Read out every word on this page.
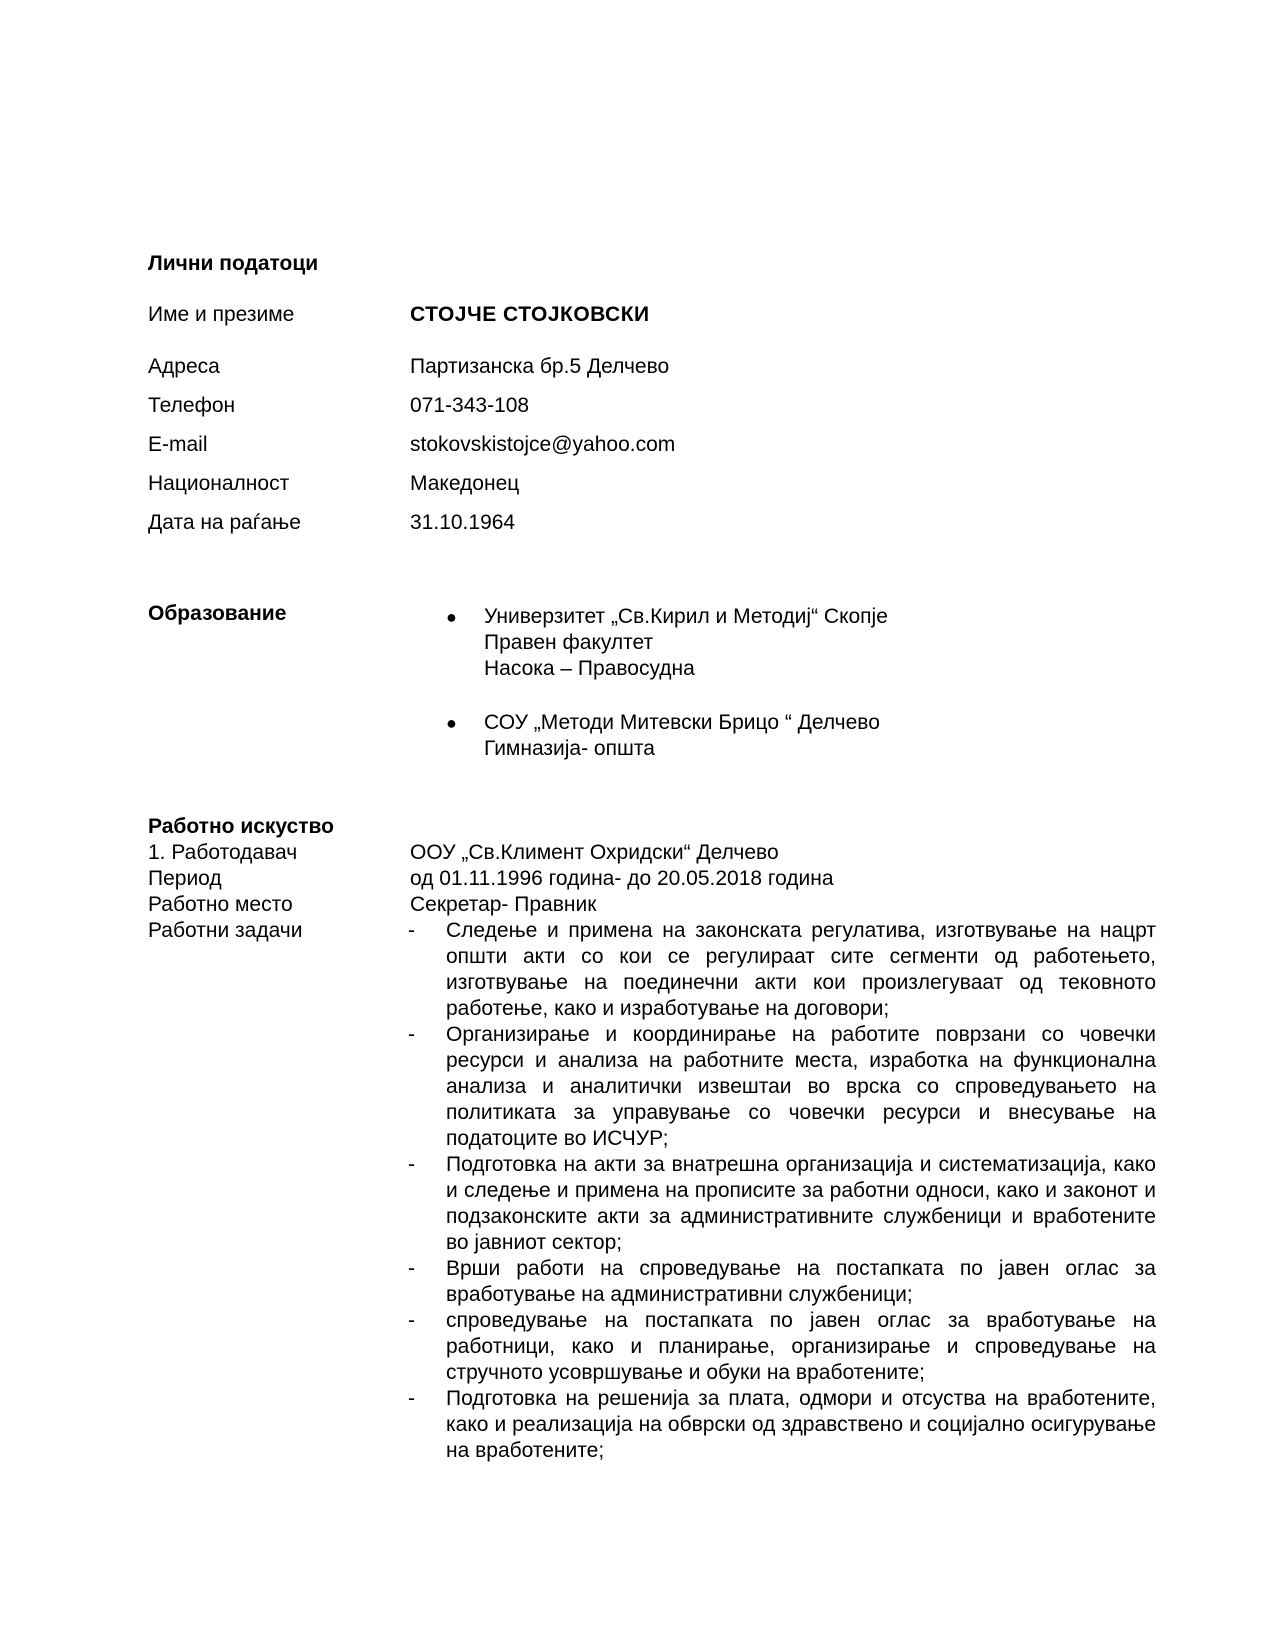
Лични податоци
Име и презиме	СТОЈЧЕ СТОЈКОВСКИ
Адреса	Партизанска бр.5 Делчево
Телефон	071-343-108
E-mail	stokovskistojce@yahoo.com
Националност	Македонец
Дата на раѓање	31.10.1964
Образование	● Универзитет „Св.Кирил и Методиј“ Скопје
Правен факултет
Насока – Правосудна
● СОУ „Методи Митевски Брицо “ Делчево
Гимназија- општа
Работно искуство
1. Работодавач	ООУ „Св.Климент Охридски“ Делчево
Период	од 01.11.1996 година- до 20.05.2018 година
Работно место	Секретар- Правник
Работни задачи	- Следење и примена на законската регулатива, изготвување на нацрт општи акти со кои се регулираат сите сегменти од работењето, изготвување на поединечни акти кои произлегуваат од тековното работење, како и изработување на договори;
- Организирање и координирање на работите поврзани со човечки ресурси и анализа на работните места, изработка на функционална анализа и аналитички извештаи во врска со спроведувањето на политиката за управување со човечки ресурси и внесување на податоците во ИСЧУР;
- Подготовка на акти за внатрешна организација и систематизација, како и следење и примена на прописите за работни односи, како и законот и подзаконските акти за административните службеници и вработените во јавниот сектор;
- Врши работи на спроведување на постапката по јавен оглас за вработување на административни службеници;
- спроведување на постапката по јавен оглас за вработување на работници, како и планирање, организирање и спроведување на стручното усовршување и обуки на вработените;
- Подготовка на решенија за плата, одмори и отсуства на вработените, како и реализација на обврски од здравствено и социјално осигурување на вработените;
